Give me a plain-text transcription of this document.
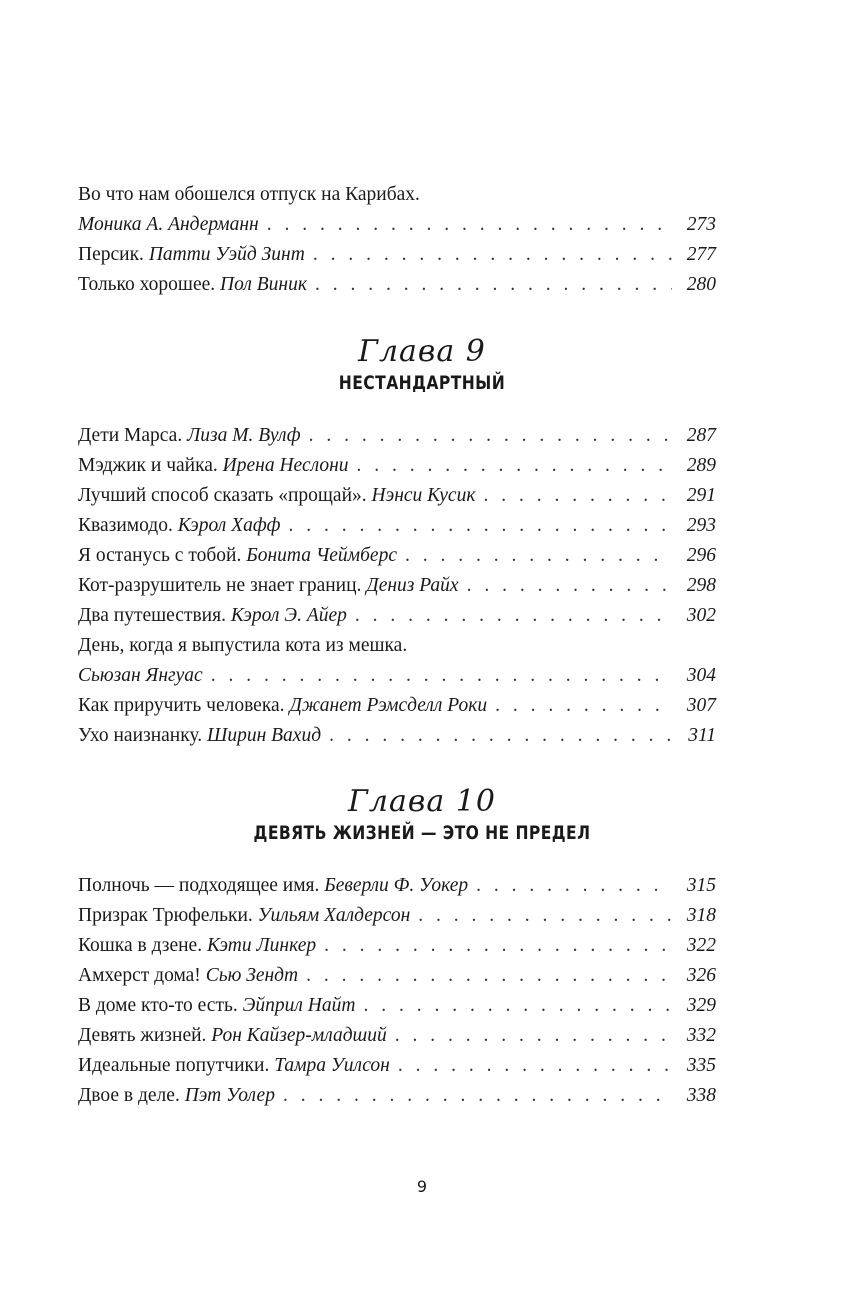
Во что нам обошелся отпуск на Карибах.
Моника А. Андерманн . . .	273
Персик. Патти Уэйд Зинт . . .	277
Только хорошее. Пол Виник . . .	280
Глава 9
НЕСТАНДАРТНЫЙ
Дети Марса. Лиза М. Вулф . . .	287
Мэджик и чайка. Ирена Неслони . . .	289
Лучший способ сказать «прощай». Нэнси Кусик . . .	291
Квазимодо. Кэрол Хафф . . .	293
Я останусь с тобой. Бонита Чеймберс . . .	296
Кот-разрушитель не знает границ. Дениз Райх . . .	298
Два путешествия. Кэрол Э. Айер . . .	302
День, когда я выпустила кота из мешка.
Сьюзан Янгуас . . .	304
Как приручить человека. Джанет Рэмсделл Роки . . .	307
Ухо наизнанку. Ширин Вахид . . .	311
Глава 10
ДЕВЯТЬ ЖИЗНЕЙ — ЭТО НЕ ПРЕДЕЛ
Полночь — подходящее имя. Беверли Ф. Уокер . . .	315
Призрак Трюфельки. Уильям Халдерсон . . .	318
Кошка в дзене. Кэти Линкер . . .	322
Амхерст дома! Сью Зендт . . .	326
В доме кто-то есть. Эйприл Найт . . .	329
Девять жизней. Рон Кайзер-младший . . .	332
Идеальные попутчики. Тамра Уилсон . . .	335
Двое в деле. Пэт Уолер . . .	338
9
